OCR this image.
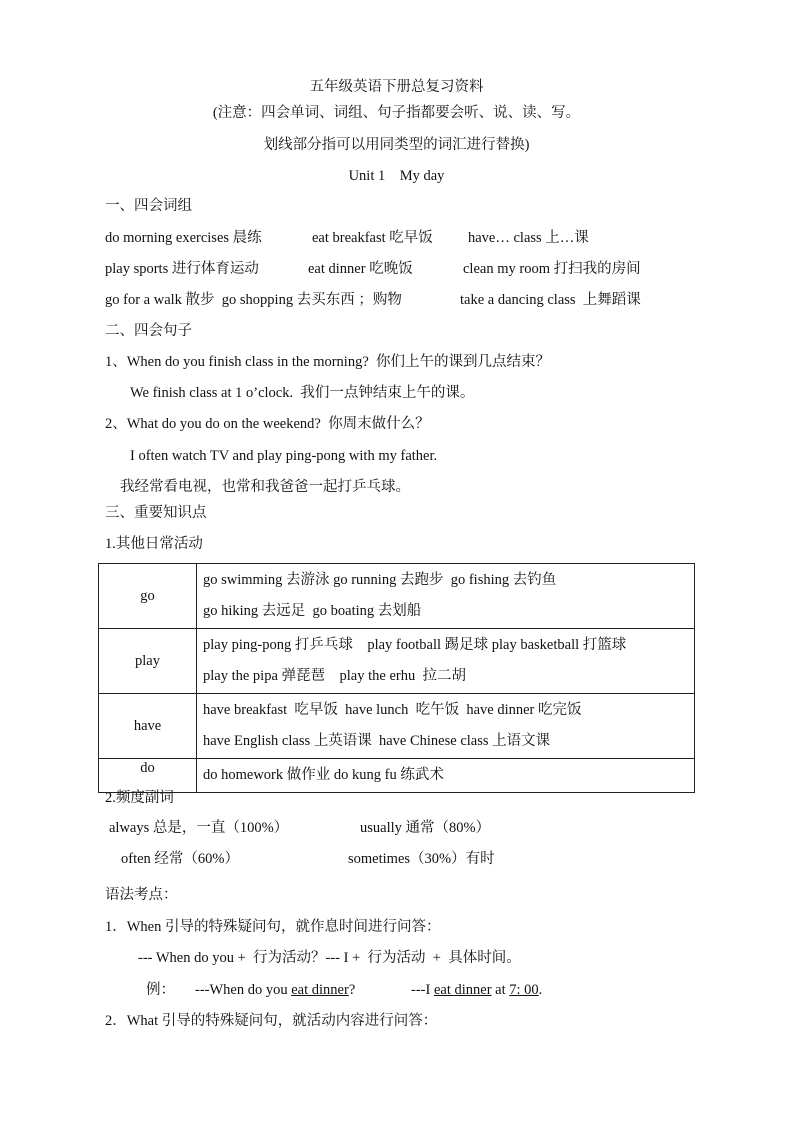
五年级英语下册总复习资料
(注意：四会单词、词组、句子指都要会听、说、读、写。
划线部分指可以用同类型的词汇进行替换)
Unit 1    My day
一、四会词组
do morning exercises 晨练	eat breakfast 吃早饭 have… class 上…课
play sports 进行体育运动	eat dinner 吃晚饭	clean my room 打扫我的房间
go for a walk 散步  go shopping 去买东西 ；购物	take a dancing class  上舞蹈课
二、四会句子
1、When do you finish class in the morning?  你们上午的课到几点结束？
We finish class at 1 o’clock.  我们一点钟结束上午的课。
2、What do you do on the weekend?  你周末做什么？
I often watch TV and play ping-pong with my father.
我经常看电视，也常和我爸爸一起打乒乓球。
三、重要知识点
1.其他日常活动
go	go swimming 去游泳 go running 去跑步  go fishing 去钓鱼
go hiking 去远足  go boating 去划船

play	play ping-pong 打乒乓球    play football 踢足球 play basketball 打篮球
play the pipa 弹琵琶    play the erhu  拉二胡

have	have breakfast  吃早饭  have lunch  吃午饭  have dinner 吃完饭
have English class 上英语课  have Chinese class 上语文课

do	do homework 做作业 do kung fu 练武术
2.频度副词
always 总是，一直（100%）	usually 通常（80%）
often 经常（60%）	sometimes（30%）有时
语法考点：
1．When 引导的特殊疑问句，就作息时间进行问答：
--- When do you +  行为活动？--- I +  行为活动  +  具体时间。
例： ---When do you eat dinner?	---I eat dinner at 7: 00.
2．What 引导的特殊疑问句，就活动内容进行问答：
